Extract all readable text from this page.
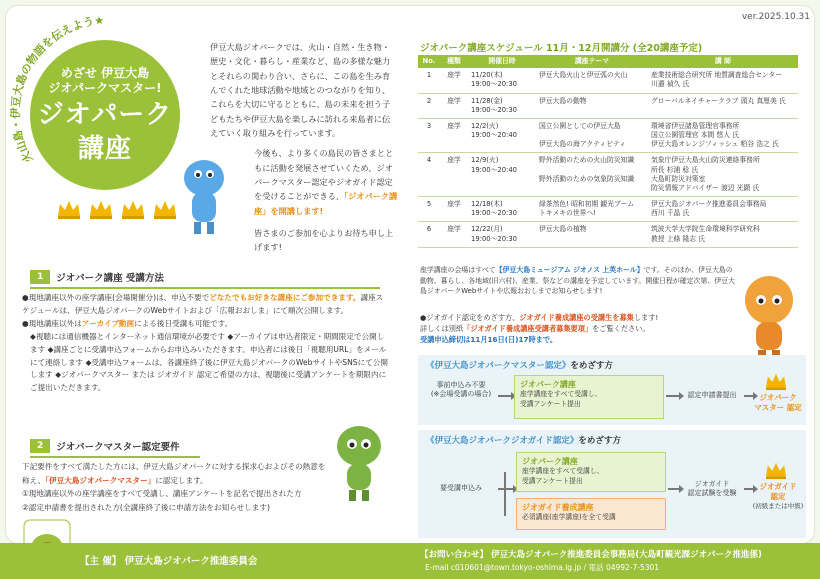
ver.2025.10.31
火山島・伊豆大島の物語を伝えよう★
めざせ 伊豆大島
ジオパークマスター!
ジオパーク
講座

伊豆大島ジオパークでは、火山・自然・生き物・歴史・文化・暮らし・産業など、島の多様な魅力とそれらの関わり合い、さらに、この島を生み育んでくれた地球活動や地域とのつながりを知り、これらを大切に守るとともに、島の未来を担う子どもたちや伊豆大島を楽しみに訪れる来島者に伝えていく取り組みを行っています。

今後も、より多くの島民の皆さまとともに活動を発展させていくため、ジオパークマスター認定やジオガイド認定を受けることができる、「ジオパーク講座」を開講します!

皆さまのご参加を心よりお待ち申し上げます!

1	ジオパーク講座 受講方法
●現地講座以外の座学講座(会場開催分)は、申込不要でどなたでもお好きな講座にご参加できます。講座スケジュールは、伊豆大島ジオパークのWebサイトおよび「広報おおしま」にて順次公開します。
●現地講座以外はアーカイブ動画による後日受講も可能です。
◆視聴には通信機器とインターネット通信環境が必要です ◆アーカイブは申込者限定・期間限定で公開します ◆講座ごとに受講申込フォームからお申込みいただきます。申込者には後日「視聴用URL」をメールにて連絡します ◆受講申込フォームは、各講座終了後に伊豆大島ジオパークのWebサイトやSNSにて公開します ◆ジオパークマスター または ジオガイド 認定ご希望の方は、視聴後に受講アンケートを期限内にご提出いただきます。
2	ジオパークマスター認定要件
下記要件をすべて満たした方には、伊豆大島ジオパークに対する探求心およびその熱意を称え、「伊豆大島ジオパークマスター」に認定します。
①現地講座以外の座学講座をすべて受講し、講座アンケートを記名で提出された方
②認定申請書を提出された方(全講座終了後に申請方法をお知らせします)
ジオパーク講座スケジュール 11月・12月開講分 (全20講座予定)
No.	種類	開催日時	講座テーマ	講 師
1	座学	11/20(木)
19:00〜20:30	伊豆大島火山と伊豆弧の火山	産業技術総合研究所 地質調査総合センター
川邉 禎久 氏
2	座学	11/28(金)
19:00〜20:30	伊豆大島の動物	グローバルネイチャークラブ 頭丸 真厘美 氏
3	座学	12/2(火)
19:00〜20:40	国立公園としての伊豆大島

伊豆大島の海アクティビティ	環境省伊豆諸島管理官事務所
国立公園管理官 本間 悠人 氏
伊豆大島オレンジフィッシュ 粕谷 浩之 氏
4	座学	12/9(火)
19:00〜20:40	野外活動のための火山防災知識

野外活動のための気象防災知識	気象庁伊豆大島火山防災連絡事務所
所長 杉浦 稔 氏
大島町防災対策室
防災情報アドバイザー 渡辺 光顕 氏
5	座学	12/18(木)
19:00〜20:30	緑茶然色! 昭和初期 観光ブーム
トキメキの世界へ!	伊豆大島ジオパーク推進委員会事務局
西川 千晶 氏
6	座学	12/22(月)
19:00〜20:30	伊豆大島の植物	筑波大学大学院生命環境科学研究科
教授 上條 隆志 氏
座学講座の会場はすべて【伊豆大島ミュージアム ジオノス 上英ホール】です。そのほか、伊豆大島の動物、暮らし、各地域(旧六村)、産業、祭などの講座を予定しています。開催日程が確定次第、伊豆大島ジオパークWebサイトや広報おおしまでお知らせします!
●ジオガイド認定をめざす方、ジオガイド養成講座の受講生を募集します!
詳しくは別紙「ジオガイド養成講座受講者募集要項」をご覧ください。
受講申込締切は11月16日(日)17時まで。
《伊豆大島ジオパークマスター認定》をめざす方
事前申込み不要
(※会場受講の場合)
ジオパーク講座
座学講座をすべて受講し、
受講アンケート提出
認定申請書提出	ジオパーク
マスター 認定
《伊豆大島ジオパークジオガイド認定》をめざす方
要受講申込み
ジオパーク講座
座学講座をすべて受講し、
受講アンケート提出
ジオガイド養成講座
必須講座(座学講座)を全て受講
ジオガイド
認定試験を受験
ジオガイド
認定
(初級または中級)
【主 催】 伊豆大島ジオパーク推進委員会
【お問い合わせ】 伊豆大島ジオパーク推進委員会事務局(大島町観光課ジオパーク推進係)
E-mail c010601@town.tokyo-oshima.lg.jp / 電話 04992-7-5301
